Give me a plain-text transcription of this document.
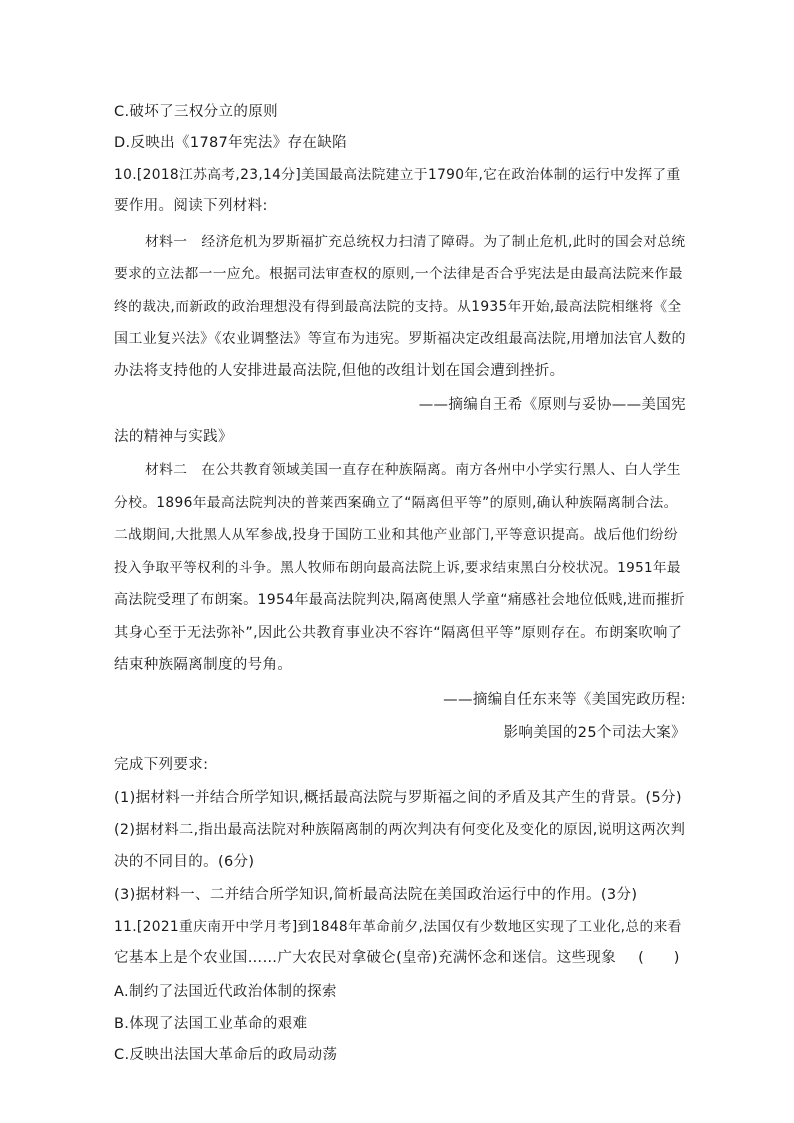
C.破坏了三权分立的原则
D.反映出《1787年宪法》存在缺陷
10.[2018江苏高考,23,14分]美国最高法院建立于1790年,它在政治体制的运行中发挥了重
要作用。阅读下列材料:
材料一　经济危机为罗斯福扩充总统权力扫清了障碍。为了制止危机,此时的国会对总统
要求的立法都一一应允。根据司法审查权的原则,一个法律是否合乎宪法是由最高法院来作最
终的裁决,而新政的政治理想没有得到最高法院的支持。从1935年开始,最高法院相继将《全
国工业复兴法》《农业调整法》等宣布为违宪。罗斯福决定改组最高法院,用增加法官人数的
办法将支持他的人安排进最高法院,但他的改组计划在国会遭到挫折。
——摘编自王希《原则与妥协——美国宪
法的精神与实践》
材料二　在公共教育领域美国一直存在种族隔离。南方各州中小学实行黑人、白人学生
分校。1896年最高法院判决的普莱西案确立了“隔离但平等”的原则,确认种族隔离制合法。
二战期间,大批黑人从军参战,投身于国防工业和其他产业部门,平等意识提高。战后他们纷纷
投入争取平等权利的斗争。黑人牧师布朗向最高法院上诉,要求结束黑白分校状况。1951年最
高法院受理了布朗案。1954年最高法院判决,隔离使黑人学童“痛感社会地位低贱,进而摧折
其身心至于无法弥补”,因此公共教育事业决不容许“隔离但平等”原则存在。布朗案吹响了
结束种族隔离制度的号角。
——摘编自任东来等《美国宪政历程:
影响美国的25个司法大案》
完成下列要求:
(1)据材料一并结合所学知识,概括最高法院与罗斯福之间的矛盾及其产生的背景。(5分)
(2)据材料二,指出最高法院对种族隔离制的两次判决有何变化及变化的原因,说明这两次判
决的不同目的。(6分)
(3)据材料一、二并结合所学知识,简析最高法院在美国政治运行中的作用。(3分)
11.[2021重庆南开中学月考]到1848年革命前夕,法国仅有少数地区实现了工业化,总的来看
它基本上是个农业国……广大农民对拿破仑(皇帝)充满怀念和迷信。这些现象 (　　)
A.制约了法国近代政治体制的探索
B.体现了法国工业革命的艰难
C.反映出法国大革命后的政局动荡
